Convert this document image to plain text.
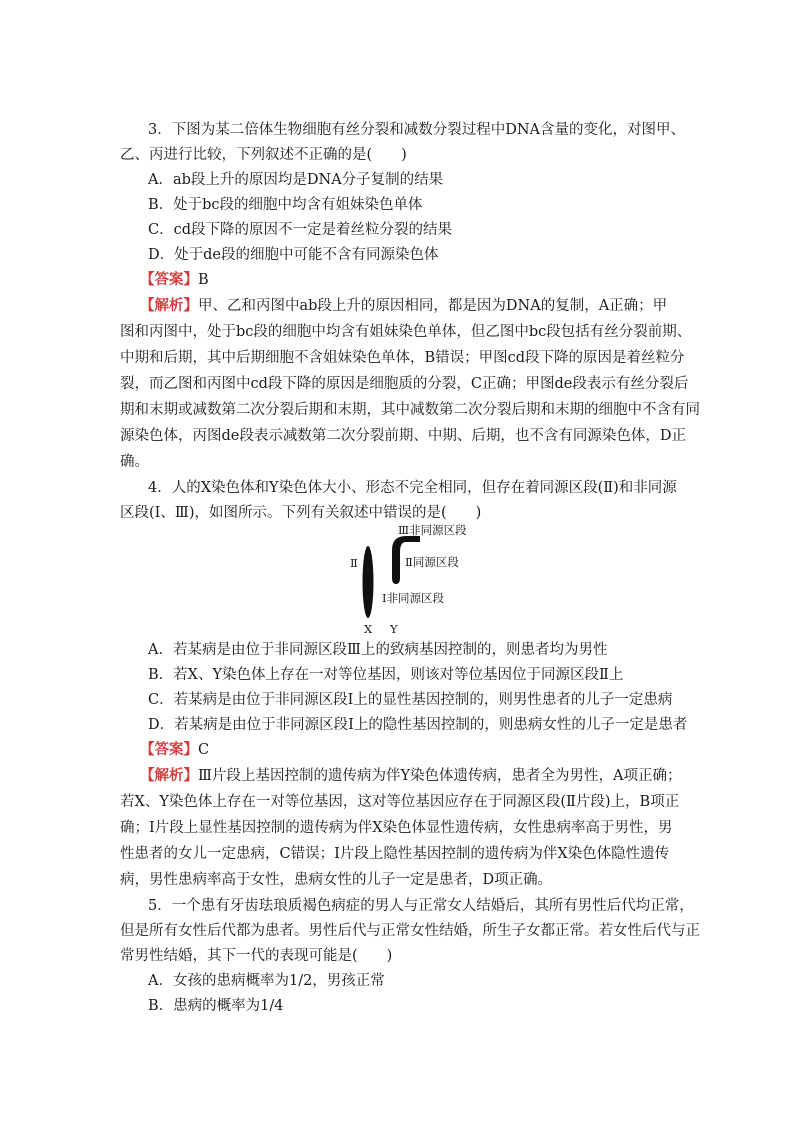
3．下图为某二倍体生物细胞有丝分裂和减数分裂过程中DNA含量的变化，对图甲、
乙、丙进行比较，下列叙述不正确的是(　　)
A．ab段上升的原因均是DNA分子复制的结果
B．处于bc段的细胞中均含有姐妹染色单体
C．cd段下降的原因不一定是着丝粒分裂的结果
D．处于de段的细胞中可能不含有同源染色体
【答案】B
【解析】甲、乙和丙图中ab段上升的原因相同，都是因为DNA的复制，A正确；甲
图和丙图中，处于bc段的细胞中均含有姐妹染色单体，但乙图中bc段包括有丝分裂前期、
中期和后期，其中后期细胞不含姐妹染色单体，B错误；甲图cd段下降的原因是着丝粒分
裂，而乙图和丙图中cd段下降的原因是细胞质的分裂，C正确；甲图de段表示有丝分裂后
期和末期或减数第二次分裂后期和末期，其中减数第二次分裂后期和末期的细胞中不含有同
源染色体，丙图de段表示减数第二次分裂前期、中期、后期，也不含有同源染色体，D正
确。
4．人的X染色体和Y染色体大小、形态不完全相同，但存在着同源区段(Ⅱ)和非同源
区段(Ⅰ、Ⅲ)，如图所示。下列有关叙述中错误的是(　　)
Ⅲ非同源区段
Ⅱ	Ⅱ同源区段
Ⅰ非同源区段
X Y
A．若某病是由位于非同源区段Ⅲ上的致病基因控制的，则患者均为男性
B．若X、Y染色体上存在一对等位基因，则该对等位基因位于同源区段Ⅱ上
C．若某病是由位于非同源区段Ⅰ上的显性基因控制的，则男性患者的儿子一定患病
D．若某病是由位于非同源区段Ⅰ上的隐性基因控制的，则患病女性的儿子一定是患者
【答案】C
【解析】Ⅲ片段上基因控制的遗传病为伴Y染色体遗传病，患者全为男性，A项正确；
若X、Y染色体上存在一对等位基因，这对等位基因应存在于同源区段(Ⅱ片段)上，B项正
确；Ⅰ片段上显性基因控制的遗传病为伴X染色体显性遗传病，女性患病率高于男性，男
性患者的女儿一定患病，C错误；Ⅰ片段上隐性基因控制的遗传病为伴X染色体隐性遗传
病，男性患病率高于女性，患病女性的儿子一定是患者，D项正确。
5．一个患有牙齿珐琅质褐色病症的男人与正常女人结婚后，其所有男性后代均正常，
但是所有女性后代都为患者。男性后代与正常女性结婚，所生子女都正常。若女性后代与正
常男性结婚，其下一代的表现可能是(　　)
A．女孩的患病概率为1/2，男孩正常
B．患病的概率为1/4
